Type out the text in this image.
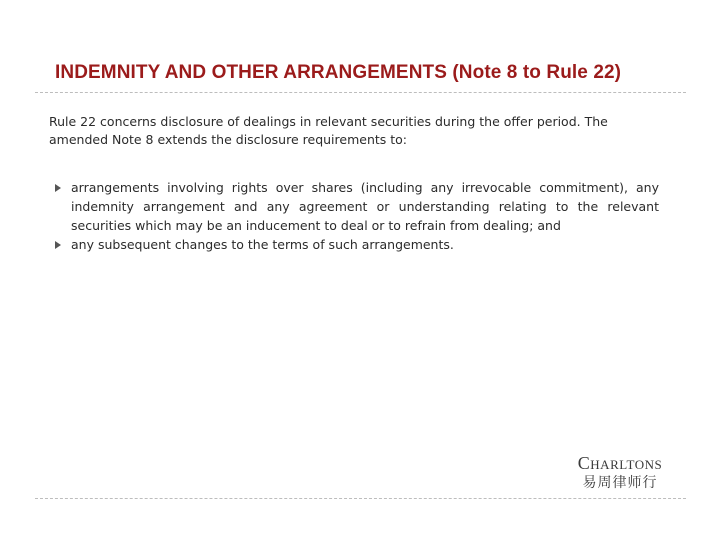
INDEMNITY AND OTHER ARRANGEMENTS (Note 8 to Rule 22)

Rule 22 concerns disclosure of dealings in relevant securities during the offer period. The amended Note 8 extends the disclosure requirements to:

arrangements involving rights over shares (including any irrevocable commitment), any indemnity arrangement and any agreement or understanding relating to the relevant securities which may be an inducement to deal or to refrain from dealing; and
any subsequent changes to the terms of such arrangements.
Charltons
易周律师行
